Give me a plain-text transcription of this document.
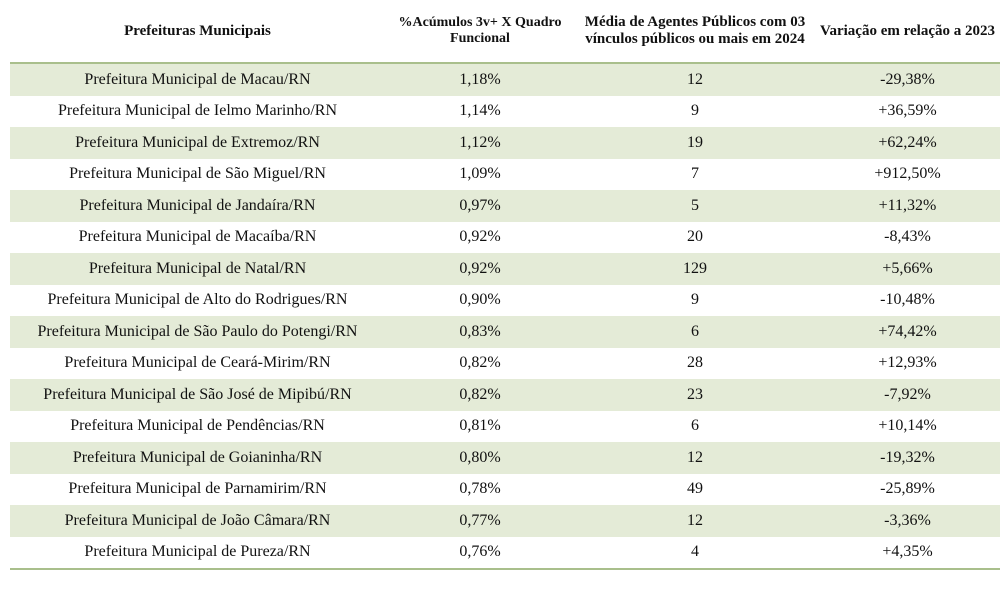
Prefeituras Municipais	%Acúmulos 3v+ X Quadro Funcional	Média de Agentes Públicos com 03 vínculos públicos ou mais em 2024	Variação em relação a 2023
Prefeitura Municipal de Macau/RN	1,18%	12	-29,38%
Prefeitura Municipal de Ielmo Marinho/RN	1,14%	9	+36,59%
Prefeitura Municipal de Extremoz/RN	1,12%	19	+62,24%
Prefeitura Municipal de São Miguel/RN	1,09%	7	+912,50%
Prefeitura Municipal de Jandaíra/RN	0,97%	5	+11,32%
Prefeitura Municipal de Macaíba/RN	0,92%	20	-8,43%
Prefeitura Municipal de Natal/RN	0,92%	129	+5,66%
Prefeitura Municipal de Alto do Rodrigues/RN	0,90%	9	-10,48%
Prefeitura Municipal de São Paulo do Potengi/RN	0,83%	6	+74,42%
Prefeitura Municipal de Ceará-Mirim/RN	0,82%	28	+12,93%
Prefeitura Municipal de São José de Mipibú/RN	0,82%	23	-7,92%
Prefeitura Municipal de Pendências/RN	0,81%	6	+10,14%
Prefeitura Municipal de Goianinha/RN	0,80%	12	-19,32%
Prefeitura Municipal de Parnamirim/RN	0,78%	49	-25,89%
Prefeitura Municipal de João Câmara/RN	0,77%	12	-3,36%
Prefeitura Municipal de Pureza/RN	0,76%	4	+4,35%
